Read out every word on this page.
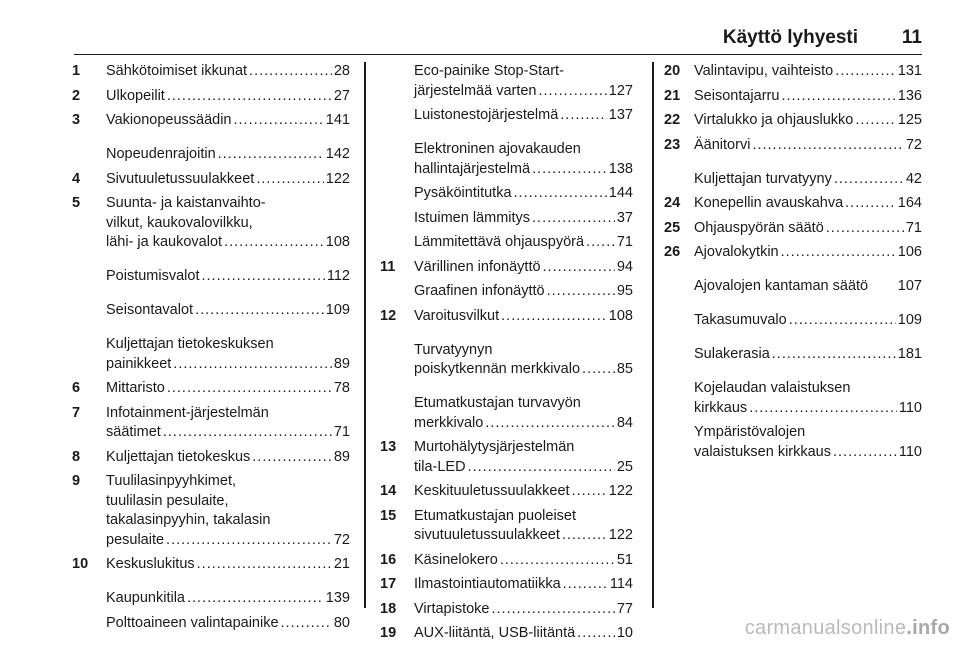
Käyttö lyhyesti 11
1	Sähkötoimiset ikkunat .....	28
2	Ulkopeilit .....	27
3	Vakionopeussäädin .....	141
Nopeudenrajoitin .....	142
4	Sivutuuletussuulakkeet .....	122
5	Suunta- ja kaistanvaihto-
vilkut, kaukovalovilkku,
lähi- ja kaukovalot .....	108
Poistumisvalot .....	112
Seisontavalot .....	109
Kuljettajan tietokeskuksen
painikkeet .....	89
6	Mittaristo .....	78
7	Infotainment-järjestelmän
säätimet .....	71
8	Kuljettajan tietokeskus .....	89
9	Tuulilasinpyyhkimet,
tuulilasin pesulaite,
takalasinpyyhin, takalasin
pesulaite .....	72
10	Keskuslukitus .....	21
Kaupunkitila .....	139
Polttoaineen valintapainike .....	80
Eco-painike Stop-Start-
järjestelmää varten .....	127
Luistonestojärjestelmä .....	137
Elektroninen ajovakauden
hallintajärjestelmä .....	138
Pysäköintitutka .....	144
Istuimen lämmitys .....	37
Lämmitettävä ohjauspyörä ..... 71
11	Värillinen infonäyttö .....	94
Graafinen infonäyttö .....	95
12	Varoitusvilkut .....	108
Turvatyynyn
poiskytkennän merkkivalo .....	85
Etumatkustajan turvavyön
merkkivalo .....	84
13	Murtohälytysjärjestelmän
tila-LED .....	25
14	Keskituuletussuulakkeet .....	122
15	Etumatkustajan puoleiset
sivutuuletussuulakkeet .....	122
16	Käsinelokero .....	51
17	Ilmastointiautomatiikka .....	114
18	Virtapistoke .....	77
19	AUX-liitäntä, USB-liitäntä .....	10
20 Valintavipu, vaihteisto .....	131
21 Seisontajarru .....	136
22 Virtalukko ja ohjauslukko .....	125
23 Äänitorvi .....	72
Kuljettajan turvatyyny .....	42
24 Konepellin avauskahva .....	164
25 Ohjauspyörän säätö .....	71
26 Ajovalokytkin .....	106
Ajovalojen kantaman säätö 107
Takasumuvalo .....	109
Sulakerasia .....	181
Kojelaudan valaistuksen
kirkkaus .....	110
Ympäristövalojen
valaistuksen kirkkaus .....	110
carmanualsonline.info
